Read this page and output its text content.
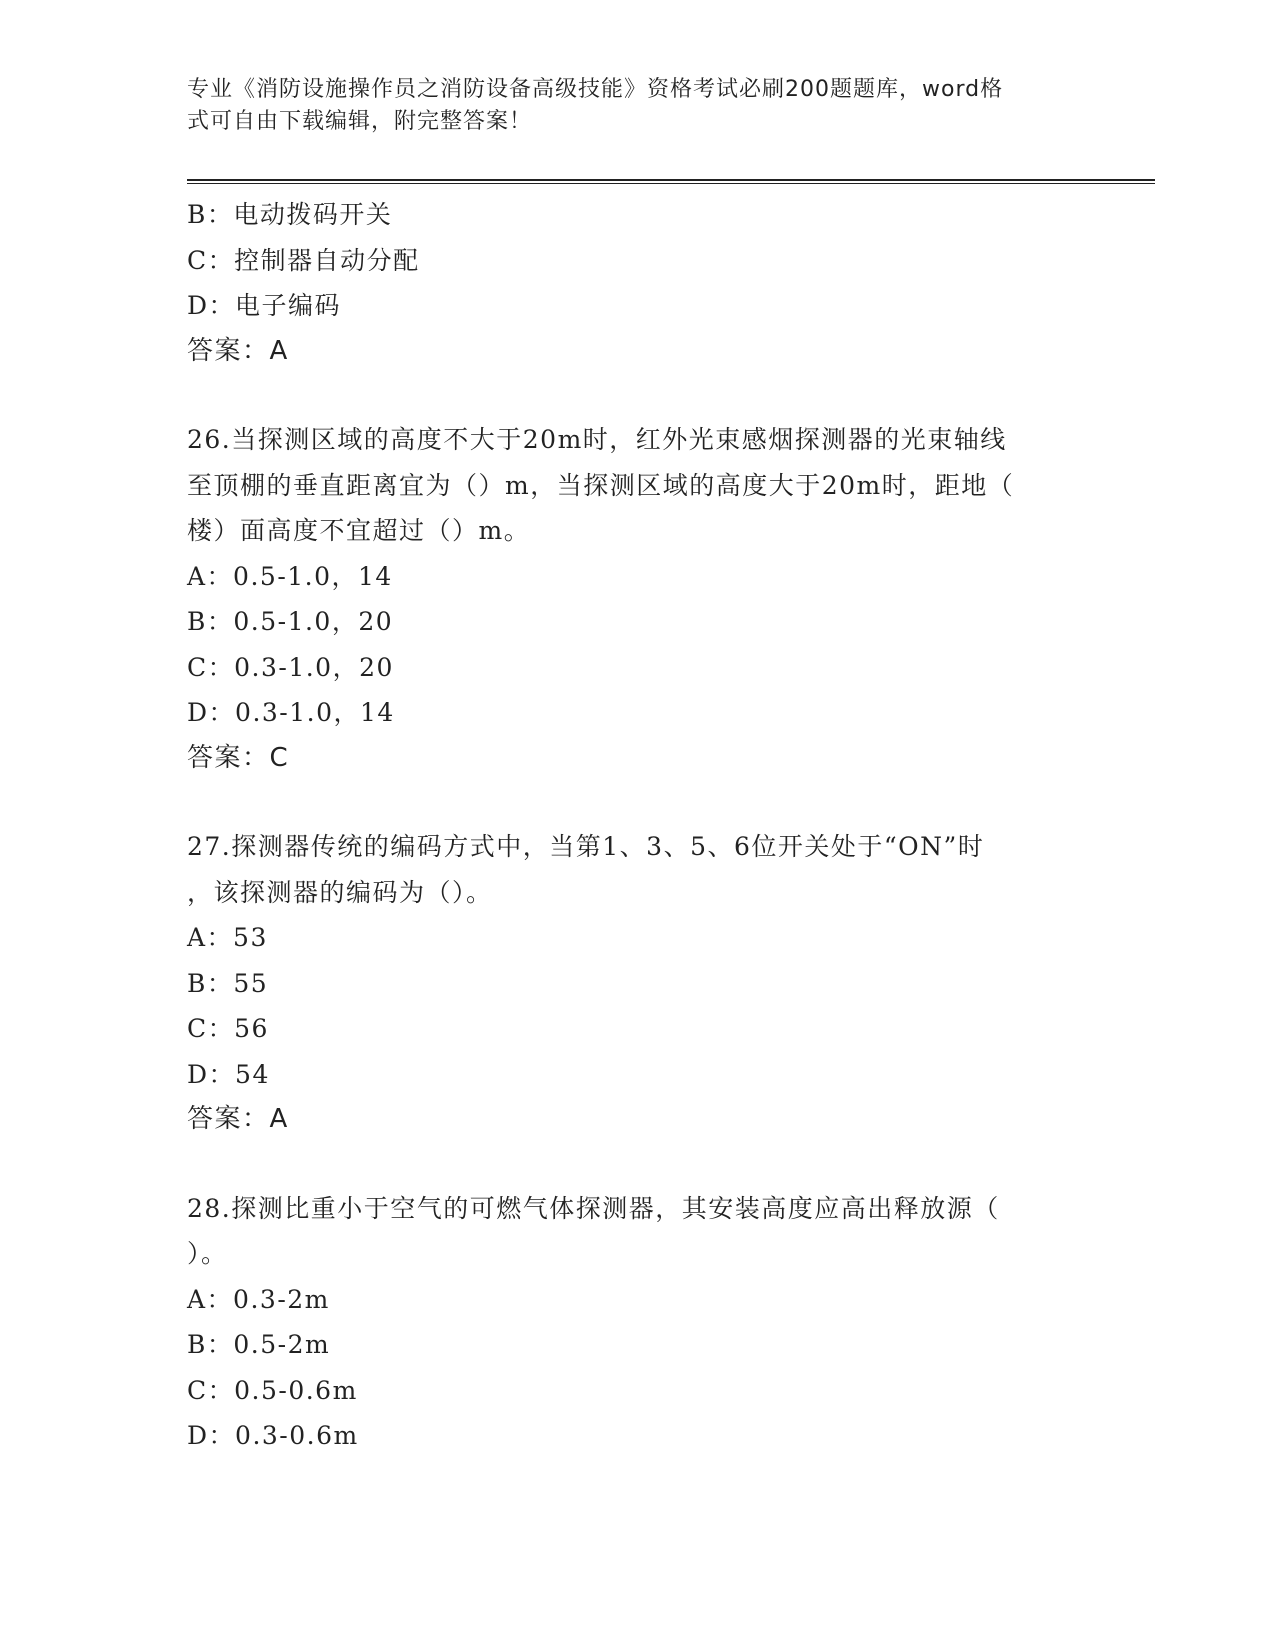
专业《消防设施操作员之消防设备高级技能》资格考试必刷200题题库，word格
式可自由下载编辑，附完整答案！
B：电动拨码开关
C：控制器自动分配
D：电子编码
答案：A
26.当探测区域的高度不大于20m时，红外光束感烟探测器的光束轴线
至顶棚的垂直距离宜为（）m，当探测区域的高度大于20m时，距地（
楼）面高度不宜超过（）m。
A：0.5-1.0，14
B：0.5-1.0，20
C：0.3-1.0，20
D：0.3-1.0，14
答案：C
27.探测器传统的编码方式中，当第1、3、5、6位开关处于“ON”时
，该探测器的编码为（）。
A：53
B：55
C：56
D：54
答案：A
28.探测比重小于空气的可燃气体探测器，其安装高度应高出释放源（
）。
A：0.3-2m
B：0.5-2m
C：0.5-0.6m
D：0.3-0.6m
